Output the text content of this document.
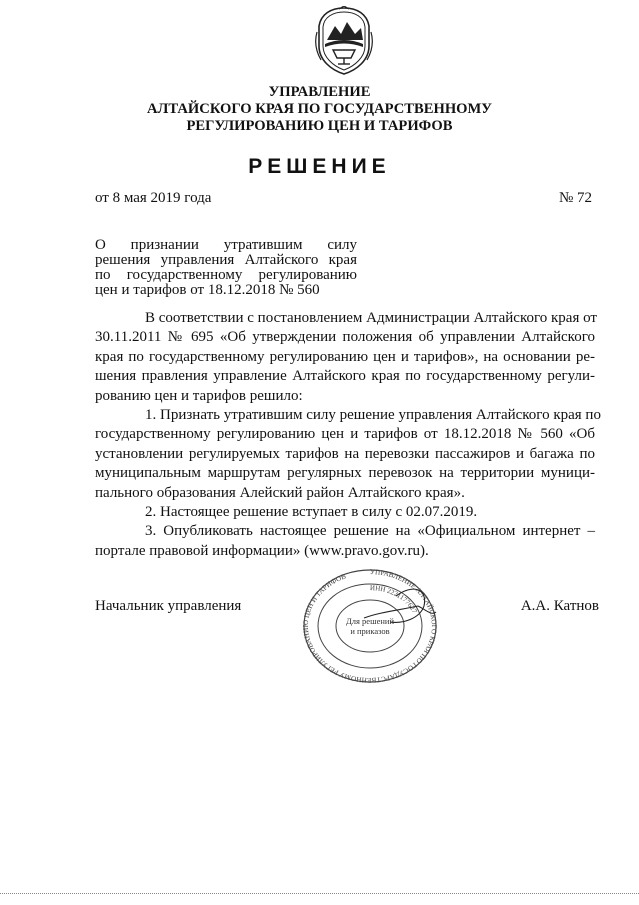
УПРАВЛЕНИЕ
АЛТАЙСКОГО КРАЯ ПО ГОСУДАРСТВЕННОМУ
РЕГУЛИРОВАНИЮ ЦЕН И ТАРИФОВ
РЕШЕНИЕ
от 8 мая 2019 года	№ 72
О признании утратившим силу
решения управления Алтайского края
по государственному регулированию
цен и тарифов от 18.12.2018 № 560
В соответствии с постановлением Администрации Алтайского края от
30.11.2011 № 695 «Об утверждении положения об управлении Алтайского
края по государственному регулированию цен и тарифов», на основании ре-
шения правления управление Алтайского края по государственному регули-
рованию цен и тарифов решило:
1. Признать утратившим силу решение управления Алтайского края по
государственному регулированию цен и тарифов от 18.12.2018 № 560 «Об
установлении регулируемых тарифов на перевозки пассажиров и багажа по
муниципальным маршрутам регулярных перевозок на территории муници-
пального образования Алейский район Алтайского края».
2. Настоящее решение вступает в силу с 02.07.2019.
3. Опубликовать настоящее решение на «Официальном интернет –
портале правовой информации» (www.pravo.gov.ru).
Начальник управления	А.А. Катнов
УПРАВЛЕНИЕ АЛТАЙСКОГО КРАЯ ПО ГОСУДАРСТВЕННОМУ РЕГУЛИРОВАНИЮ ЦЕН И ТАРИФОВ
ИНН 2221177627
Для решений
и приказов
